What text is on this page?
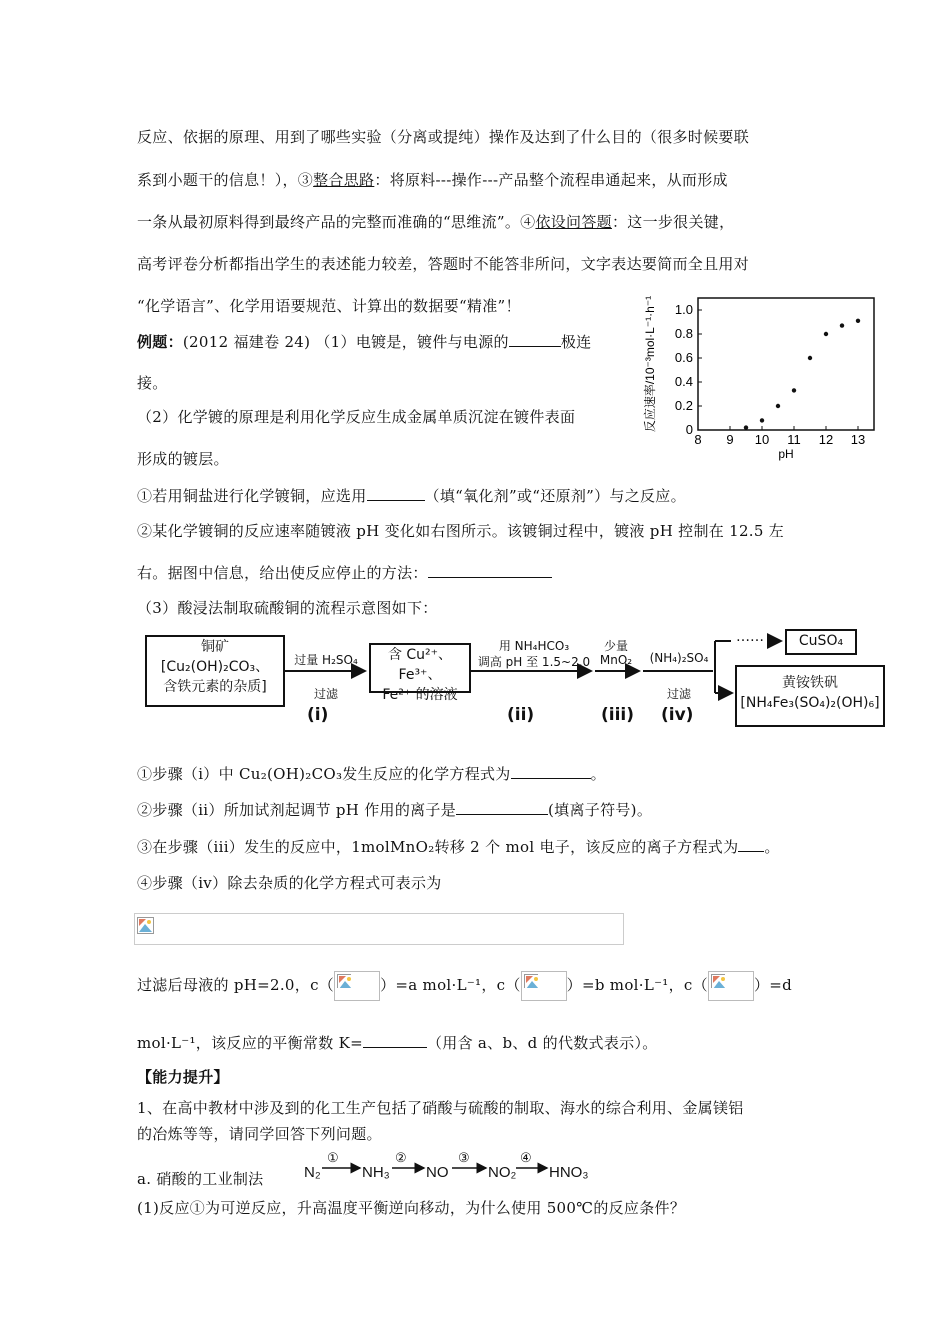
反应、依据的原理、用到了哪些实验（分离或提纯）操作及达到了什么目的（很多时候要联
系到小题干的信息！），③整合思路：将原料---操作---产品整个流程串通起来，从而形成
一条从最初原料得到最终产品的完整而准确的“思维流”。④依设问答题：这一步很关键，
高考评卷分析都指出学生的表述能力较差，答题时不能答非所问，文字表达要简而全且用对
“化学语言”、化学用语要规范、计算出的数据要“精准”！
例题：(2012 福建卷 24) （1）电镀是，镀件与电源的	极连
接。
（2）化学镀的原理是利用化学反应生成金属单质沉淀在镀件表面
形成的镀层。
①若用铜盐进行化学镀铜，应选用	（填“氧化剂”或“还原剂”）与之反应。
②某化学镀铜的反应速率随镀液 pH 变化如右图所示。该镀铜过程中，镀液 pH 控制在 12.5 左
右。据图中信息，给出使反应停止的方法：
（3）酸浸法制取硫酸铜的流程示意图如下：
8 9 10 11 12 13
0
0.2
0.4
0.6
0.8
1.0
pH
反应速率/10⁻³mol·L⁻¹·h⁻¹
铜矿
[Cu₂(OH)₂CO₃、
含铁元素的杂质]
过量 H₂SO₄
过滤
(i)
含 Cu²⁺、Fe³⁺、
Fe²⁺ 的溶液
用 NH₄HCO₃
调高 pH 至 1.5~2.0
(ii)
少量
MnO₂
(iii)
(NH₄)₂SO₄
过滤
(iv)
……	CuSO₄
黄铵铁矾
[NH₄Fe₃(SO₄)₂(OH)₆]
①步骤（i）中 Cu₂(OH)₂CO₃发生反应的化学方程式为	。
②步骤（ii）所加试剂起调节 pH 作用的离子是	(填离子符号)。
③在步骤（iii）发生的反应中，1molMnO₂转移 2 个 mol 电子，该反应的离子方程式为 。
④步骤（iv）除去杂质的化学方程式可表示为
过滤后母液的 pH=2.0，c（	）=a mol·L⁻¹，c（	）=b mol·L⁻¹，c（	）=d
mol·L⁻¹，该反应的平衡常数 K=	（用含 a、b、d 的代数式表示）。
【能力提升】
1、在高中教材中涉及到的化工生产包括了硝酸与硫酸的制取、海水的综合利用、金属镁铝
的冶炼等等，请同学回答下列问题。
a. 硝酸的工业制法	N₂
①
NH₃
②
NO
③
NO₂
④
HNO₃
(1)反应①为可逆反应，升高温度平衡逆向移动，为什么使用 500℃的反应条件？
